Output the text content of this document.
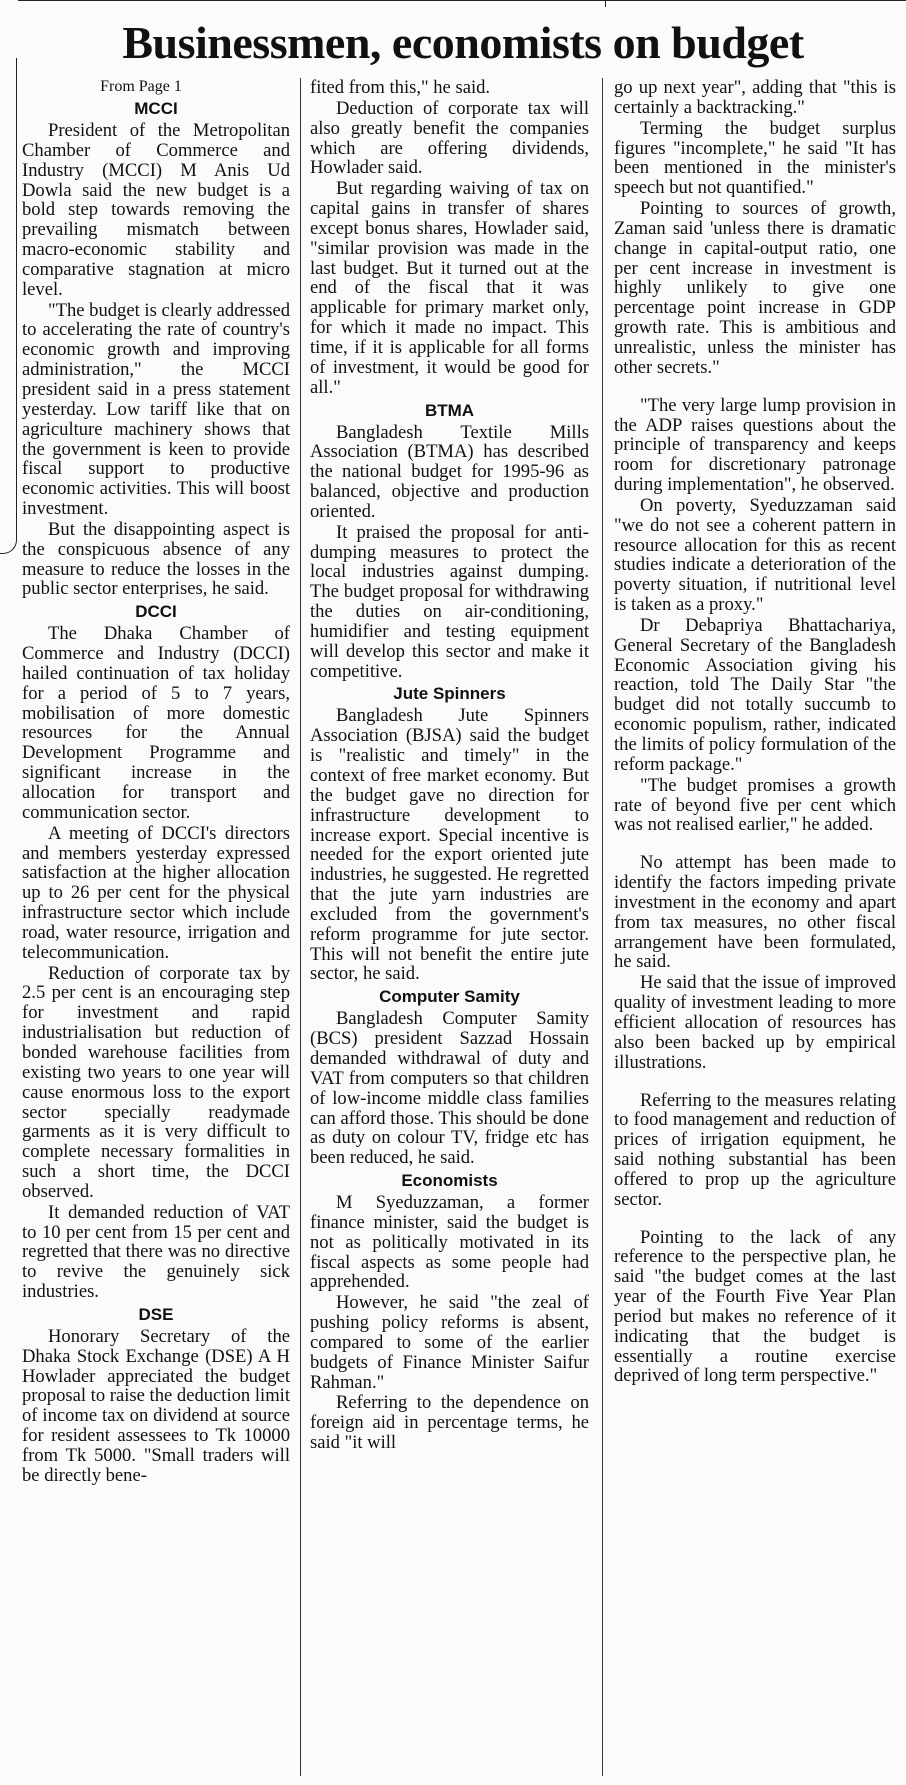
Businessmen, economists on budget
From Page 1
MCCI

President of the Metropolitan Chamber of Commerce and Industry (MCCI) M Anis Ud Dowla said the new budget is a bold step towards removing the prevailing mismatch between macro-economic stability and comparative stagnation at micro level.

"The budget is clearly addressed to accelerating the rate of country's economic growth and improving administration," the MCCI president said in a press statement yesterday. Low tariff like that on agriculture machinery shows that the government is keen to provide fiscal support to productive economic activities. This will boost investment.

But the disappointing aspect is the conspicuous absence of any measure to reduce the losses in the public sector enterprises, he said.

DCCI

The Dhaka Chamber of Commerce and Industry (DCCI) hailed continuation of tax holiday for a period of 5 to 7 years, mobilisation of more domestic resources for the Annual Development Programme and significant increase in the allocation for transport and communication sector.

A meeting of DCCI's directors and members yesterday expressed satisfaction at the higher allocation up to 26 per cent for the physical infrastructure sector which include road, water resource, irrigation and telecommunication.

Reduction of corporate tax by 2.5 per cent is an encouraging step for investment and rapid industrialisation but reduction of bonded warehouse facilities from existing two years to one year will cause enormous loss to the export sector specially readymade garments as it is very difficult to complete necessary formalities in such a short time, the DCCI observed.

It demanded reduction of VAT to 10 per cent from 15 per cent and regretted that there was no directive to revive the genuinely sick industries.

DSE

Honorary Secretary of the Dhaka Stock Exchange (DSE) A H Howlader appreciated the budget proposal to raise the deduction limit of income tax on dividend at source for resident assessees to Tk 10000 from Tk 5000. "Small traders will be directly bene-

fited from this," he said.

Deduction of corporate tax will also greatly benefit the companies which are offering dividends, Howlader said.

But regarding waiving of tax on capital gains in transfer of shares except bonus shares, Howlader said, "similar provision was made in the last budget. But it turned out at the end of the fiscal that it was applicable for primary market only, for which it made no impact. This time, if it is applicable for all forms of investment, it would be good for all."

BTMA

Bangladesh Textile Mills Association (BTMA) has described the national budget for 1995-96 as balanced, objective and production oriented.

It praised the proposal for anti-dumping measures to protect the local industries against dumping. The budget proposal for withdrawing the duties on air-conditioning, humidifier and testing equipment will develop this sector and make it competitive.

Jute Spinners

Bangladesh Jute Spinners Association (BJSA) said the budget is "realistic and timely" in the context of free market economy. But the budget gave no direction for infrastructure development to increase export. Special incentive is needed for the export oriented jute industries, he suggested. He regretted that the jute yarn industries are excluded from the government's reform programme for jute sector. This will not benefit the entire jute sector, he said.

Computer Samity

Bangladesh Computer Samity (BCS) president Sazzad Hossain demanded withdrawal of duty and VAT from computers so that children of low-income middle class families can afford those. This should be done as duty on colour TV, fridge etc has been reduced, he said.

Economists

M Syeduzzaman, a former finance minister, said the budget is not as politically motivated in its fiscal aspects as some people had apprehended.

However, he said "the zeal of pushing policy reforms is absent, compared to some of the earlier budgets of Finance Minister Saifur Rahman."

Referring to the dependence on foreign aid in percentage terms, he said "it will

go up next year", adding that "this is certainly a backtracking."

Terming the budget surplus figures "incomplete," he said "It has been mentioned in the minister's speech but not quantified."

Pointing to sources of growth, Zaman said 'unless there is dramatic change in capital-output ratio, one per cent increase in investment is highly unlikely to give one percentage point increase in GDP growth rate. This is ambitious and unrealistic, unless the minister has other secrets."

"The very large lump provision in the ADP raises questions about the principle of transparency and keeps room for discretionary patronage during implementation", he observed.

On poverty, Syeduzzaman said "we do not see a coherent pattern in resource allocation for this as recent studies indicate a deterioration of the poverty situation, if nutritional level is taken as a proxy."

Dr Debapriya Bhattachariya, General Secretary of the Bangladesh Economic Association giving his reaction, told The Daily Star "the budget did not totally succumb to economic populism, rather, indicated the limits of policy formulation of the reform package."

"The budget promises a growth rate of beyond five per cent which was not realised earlier," he added.

No attempt has been made to identify the factors impeding private investment in the economy and apart from tax measures, no other fiscal arrangement have been formulated, he said.

He said that the issue of improved quality of investment leading to more efficient allocation of resources has also been backed up by empirical illustrations.

Referring to the measures relating to food management and reduction of prices of irrigation equipment, he said nothing substantial has been offered to prop up the agriculture sector.

Pointing to the lack of any reference to the perspective plan, he said "the budget comes at the last year of the Fourth Five Year Plan period but makes no reference of it indicating that the budget is essentially a routine exercise deprived of long term perspective."
